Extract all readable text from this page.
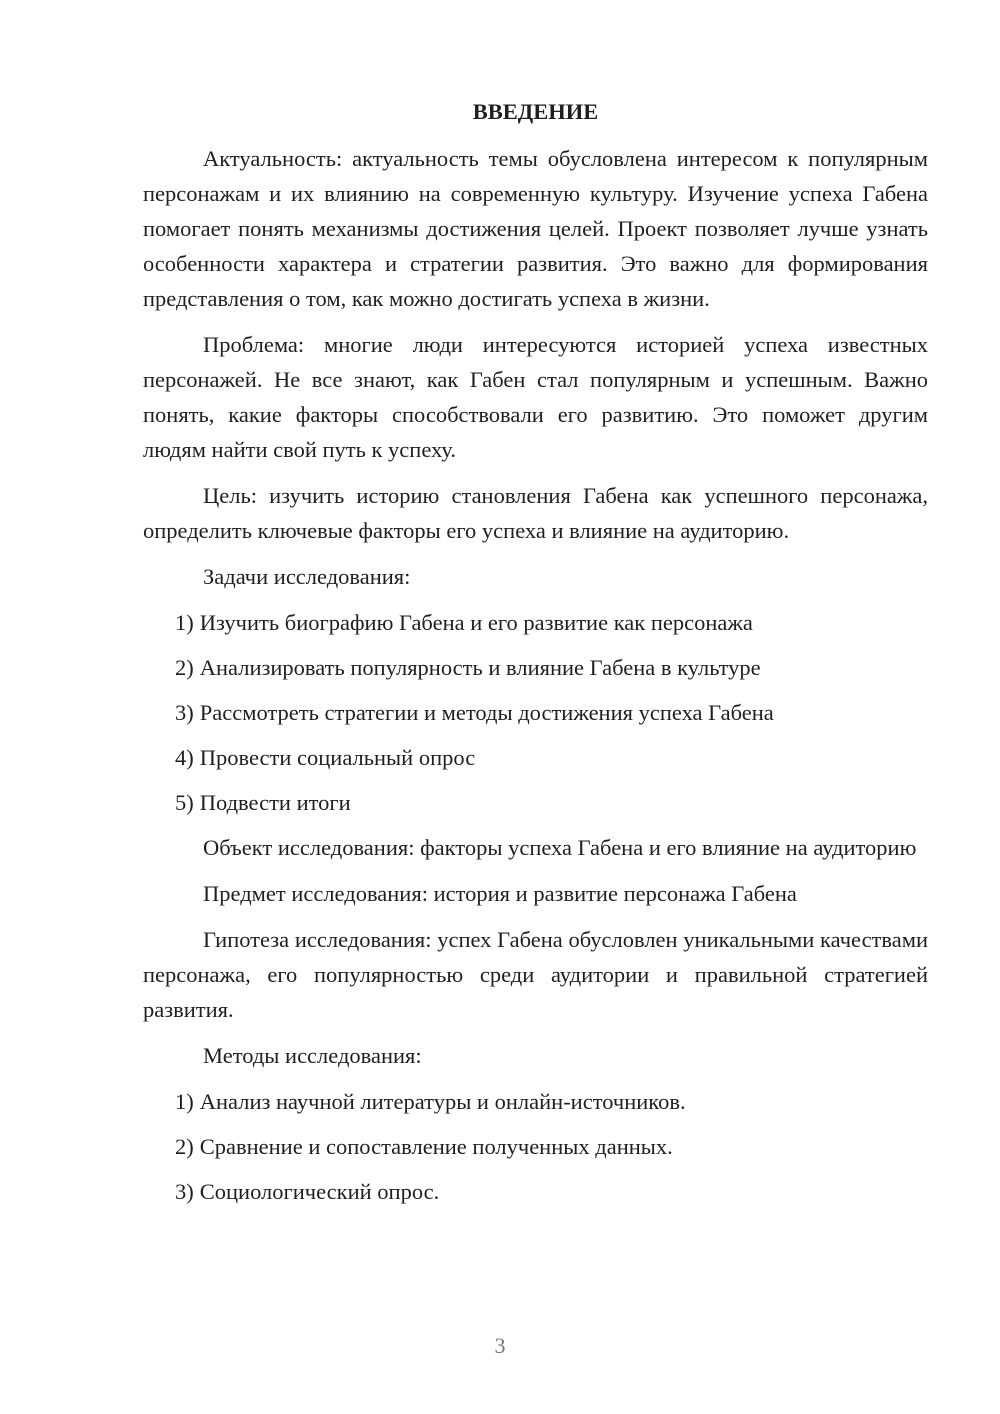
ВВЕДЕНИЕ

Актуальность: актуальность темы обусловлена интересом к популярным персонажам и их влиянию на современную культуру. Изучение успеха Габена помогает понять механизмы достижения целей. Проект позволяет лучше узнать особенности характера и стратегии развития. Это важно для формирования представления о том, как можно достигать успеха в жизни.

Проблема: многие люди интересуются историей успеха известных персонажей. Не все знают, как Габен стал популярным и успешным. Важно понять, какие факторы способствовали его развитию. Это поможет другим людям найти свой путь к успеху.

Цель: изучить историю становления Габена как успешного персонажа, определить ключевые факторы его успеха и влияние на аудиторию.

Задачи исследования:

1) Изучить биографию Габена и его развитие как персонажа
2) Анализировать популярность и влияние Габена в культуре
3) Рассмотреть стратегии и методы достижения успеха Габена
4) Провести социальный опрос
5) Подвести итоги

Объект исследования: факторы успеха Габена и его влияние на аудиторию

Предмет исследования: история и развитие персонажа Габена

Гипотеза исследования: успех Габена обусловлен уникальными качествами персонажа, его популярностью среди аудитории и правильной стратегией развития.

Методы исследования:

1) Анализ научной литературы и онлайн-источников.
2) Сравнение и сопоставление полученных данных.
3) Социологический опрос.
3
